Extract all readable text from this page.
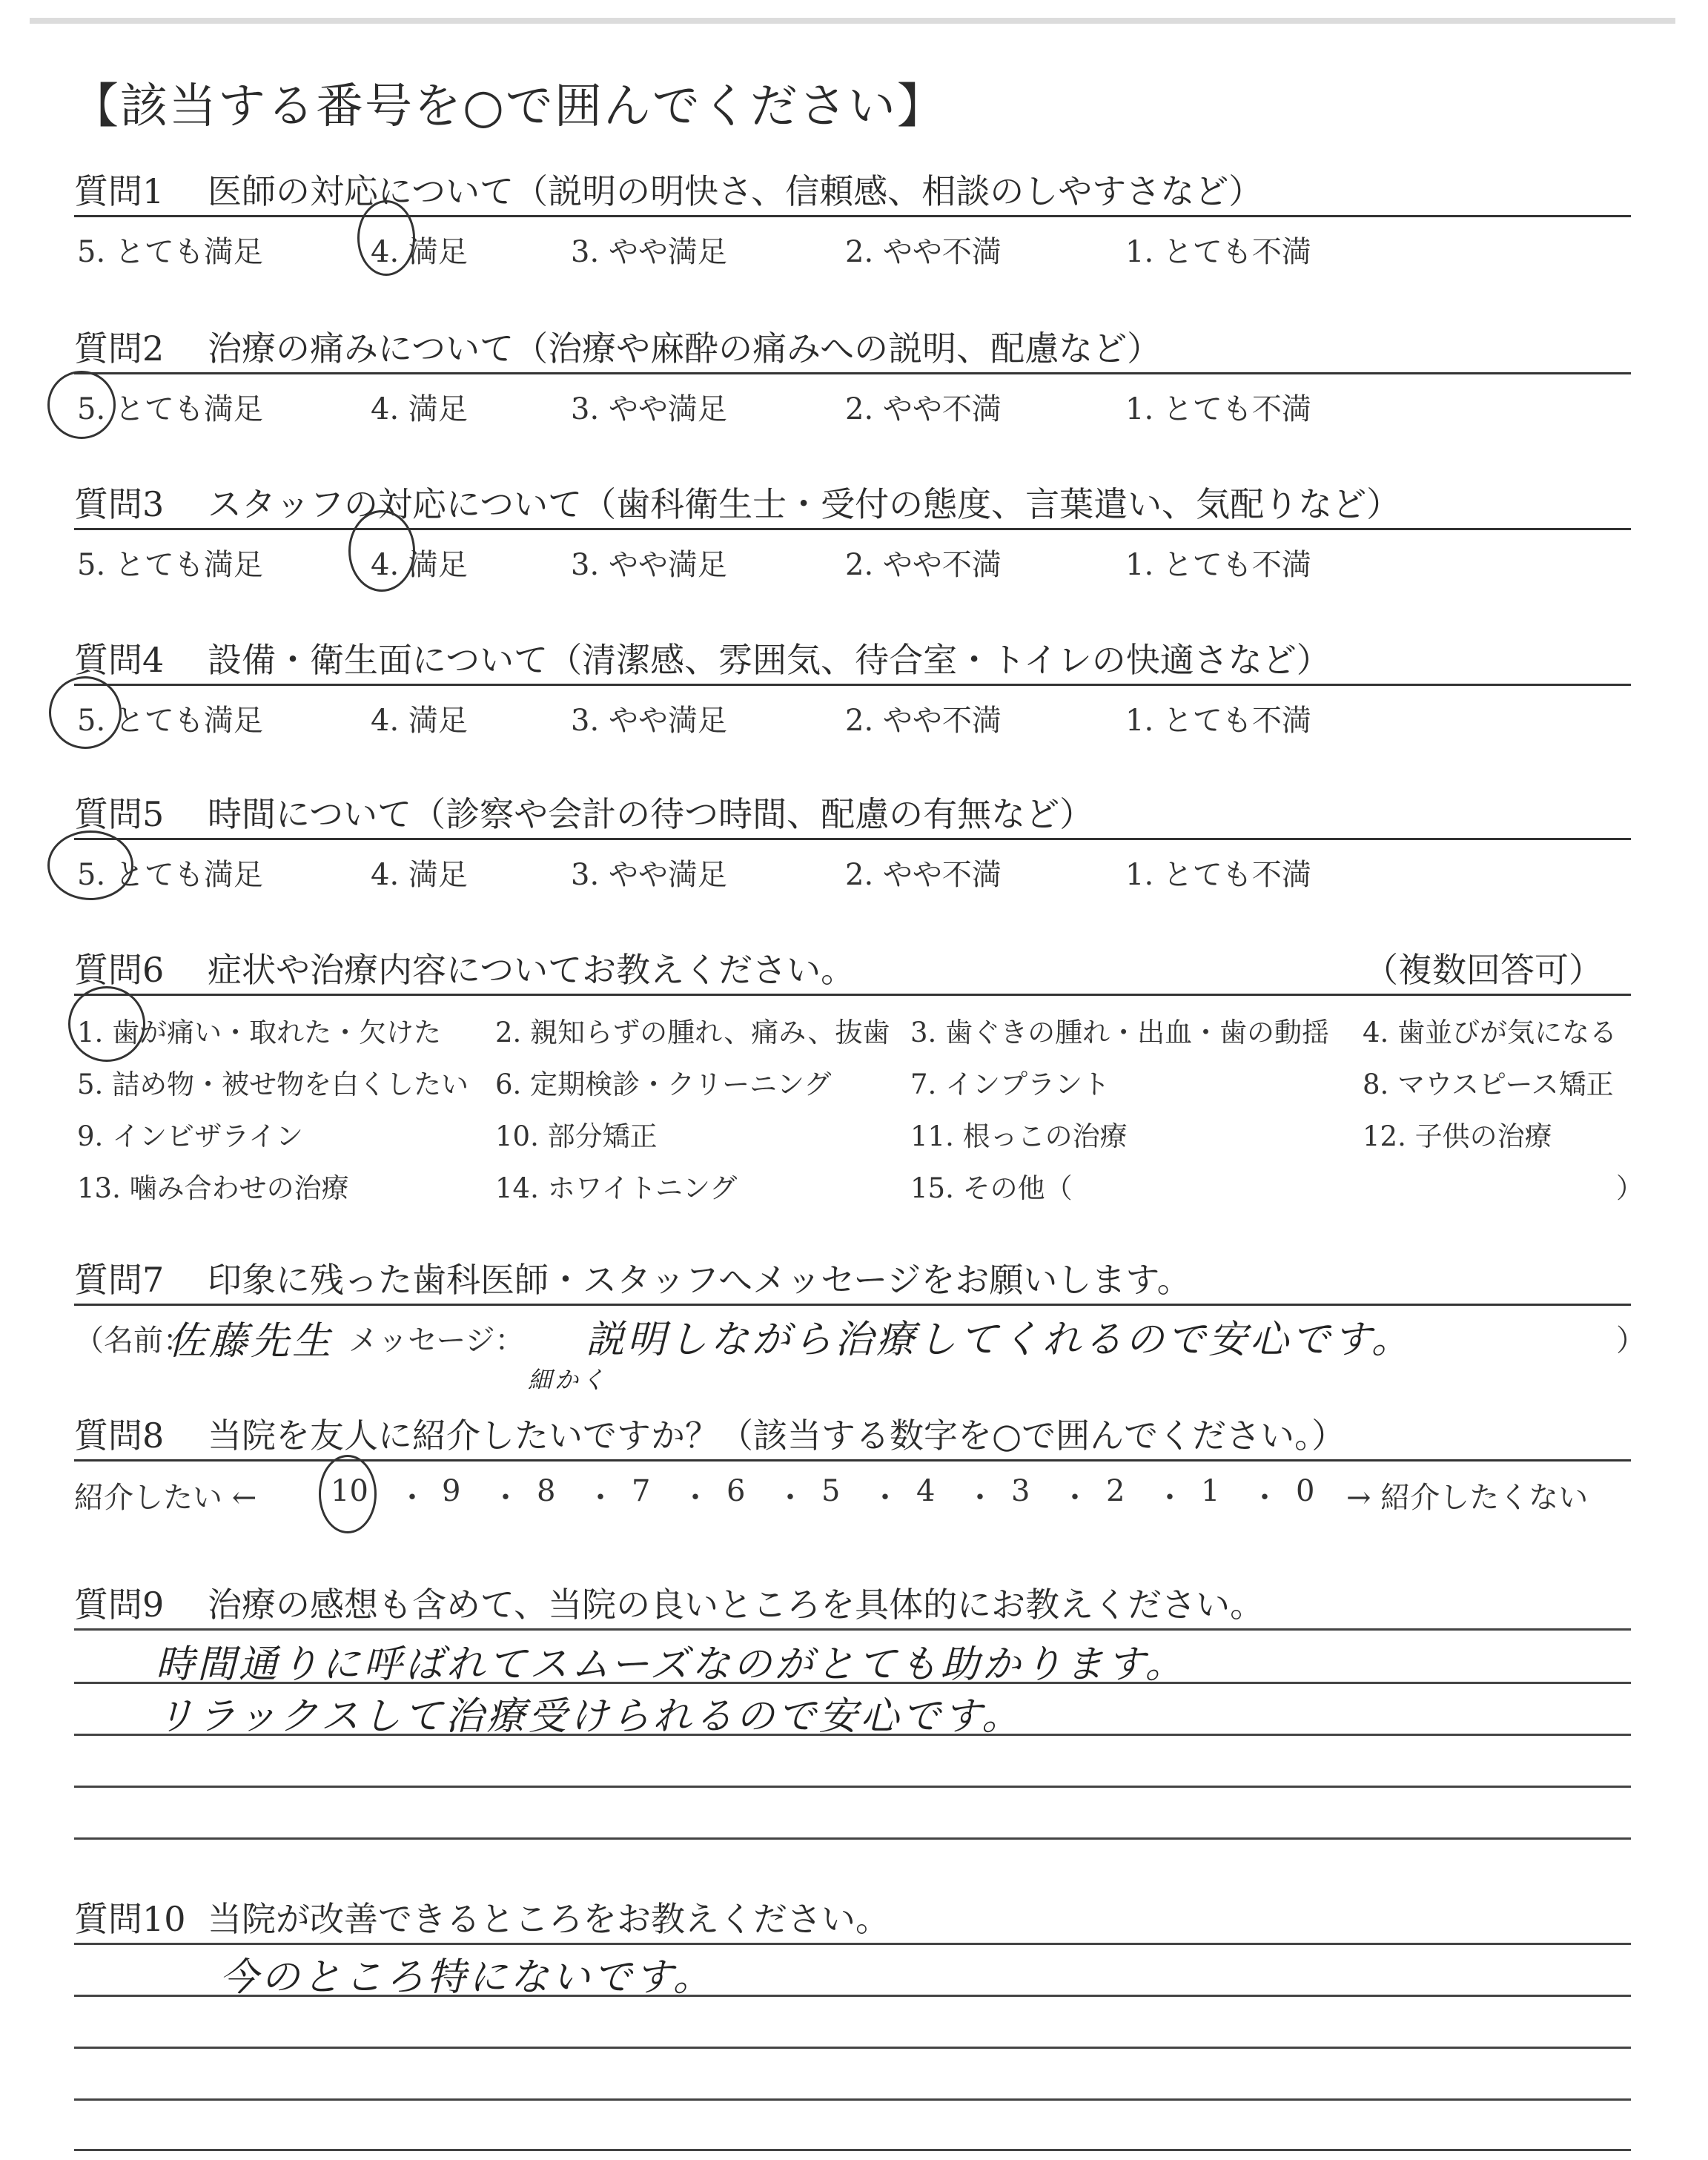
【該当する番号を○で囲んでください】
質問1 医師の対応について（説明の明快さ、信頼感、相談のしやすさなど）
5. とても満足	4. 満足	3. やや満足	2. やや不満	1. とても不満
質問2 治療の痛みについて（治療や麻酔の痛みへの説明、配慮など）
5. とても満足	4. 満足	3. やや満足	2. やや不満	1. とても不満
質問3 スタッフの対応について（歯科衛生士・受付の態度、言葉遣い、気配りなど）
5. とても満足	4. 満足	3. やや満足	2. やや不満	1. とても不満
質問4 設備・衛生面について（清潔感、雰囲気、待合室・トイレの快適さなど）
5. とても満足	4. 満足	3. やや満足	2. やや不満	1. とても不満
質問5 時間について（診察や会計の待つ時間、配慮の有無など）
5. とても満足	4. 満足	3. やや満足	2. やや不満	1. とても不満
質問6 症状や治療内容についてお教えください。	（複数回答可）
1. 歯が痛い・取れた・欠けた 2. 親知らずの腫れ、痛み、抜歯 3. 歯ぐきの腫れ・出血・歯の動揺 4. 歯並びが気になる
5. 詰め物・被せ物を白くしたい 6. 定期検診・クリーニング	7. インプラント	8. マウスピース矯正
9. インビザライン	10. 部分矯正	11. 根っこの治療	12. 子供の治療
13. 噛み合わせの治療	14. ホワイトニング	15. その他（	）
質問7 印象に残った歯科医師・スタッフへメッセージをお願いします。
（名前：
佐藤先生 メッセージ： 説明しながら治療してくれるので安心です。
細かく
）
質問8 当院を友人に紹介したいですか？（該当する数字を○で囲んでください。）
紹介したい ← 10 ・ 9 ・ 8 ・ 7 ・ 6 ・ 5 ・ 4 ・ 3 ・ 2 ・ 1 ・ 0 → 紹介したくない
質問9 治療の感想も含めて、当院の良いところを具体的にお教えください。
時間通りに呼ばれてスムーズなのがとても助かります。
リラックスして治療受けられるので安心です。
質問10 当院が改善できるところをお教えください。
今のところ特にないです。
